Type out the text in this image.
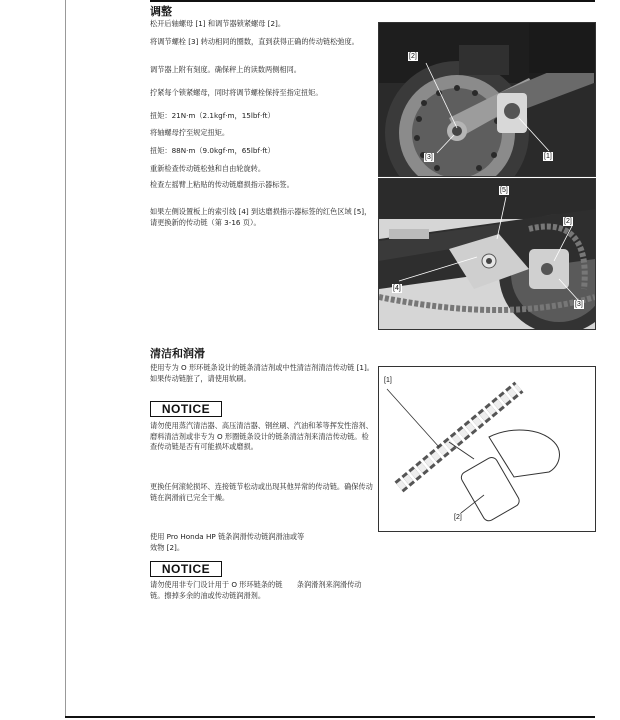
调整
松开后轴螺母 [1] 和调节器锁紧螺母 [2]。
将调节螺栓 [3] 转动相同的圈数，直到获得正确的传动链松弛度。
调节器上附有刻度。确保秤上的读数两侧相同。
拧紧每个锁紧螺母，同时将调节螺栓保持至指定扭矩。
扭矩：21N·m（2.1kgf·m，15lbf·ft）
将轴螺母拧至规定扭矩。
扭矩：88N·m（9.0kgf·m，65lbf·ft）
重新检查传动链松弛和自由轮旋转。
检查左摇臂上粘贴的传动链磨损指示器标签。
如果左侧设置板上的索引线 [4] 到达磨损指示器标签的红色区域 [5]，请更换新的传动链（第 3-16 页）。
[2]
[3]	[1]
[5]
[2]
[4]
[3]
清洁和润滑
使用专为 O 形环链条设计的链条清洁剂或中性清洁剂清洁传动链 [1]。如果传动链脏了，请使用软刷。
NOTICE
请勿使用蒸汽清洁器、高压清洁器、钢丝刷、汽油和苯等挥发性溶剂、磨料清洁剂或非专为 O 形圈链条设计的链条清洁剂来清洁传动链。检查传动链是否有可能损坏或磨损。
更换任何滚轮损坏、连接链节松动或出现其他异常的传动链。确保传动链在润滑前已完全干燥。
使用 Pro Honda HP 链条润滑传动链润滑油或等效物 [2]。
NOTICE
请勿使用非专门设计用于 O 形环链条的链　　条润滑剂来润滑传动链。擦掉多余的油或传动链润滑剂。
[1]
[2]
